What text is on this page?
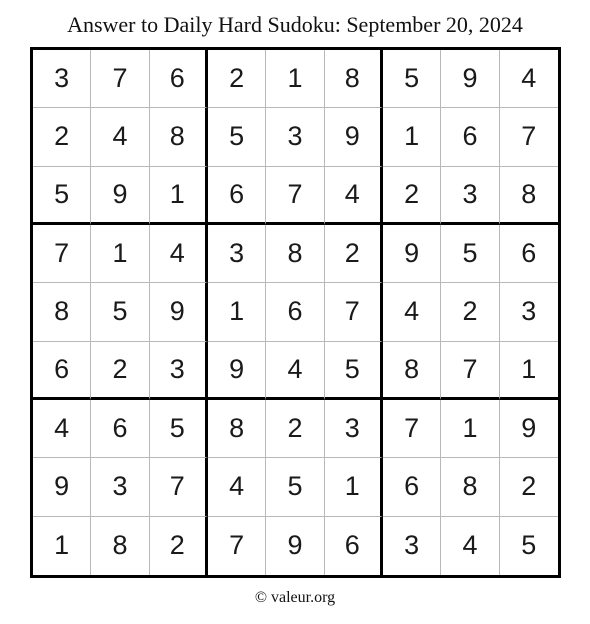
Answer to Daily Hard Sudoku: September 20, 2024
3	7	6	2	1	8	5	9	4
2	4	8	5	3	9	1	6	7
5	9	1	6	7	4	2	3	8
7	1	4	3	8	2	9	5	6
8	5	9	1	6	7	4	2	3
6	2	3	9	4	5	8	7	1
4	6	5	8	2	3	7	1	9
9	3	7	4	5	1	6	8	2
1	8	2	7	9	6	3	4	5
© valeur.org
